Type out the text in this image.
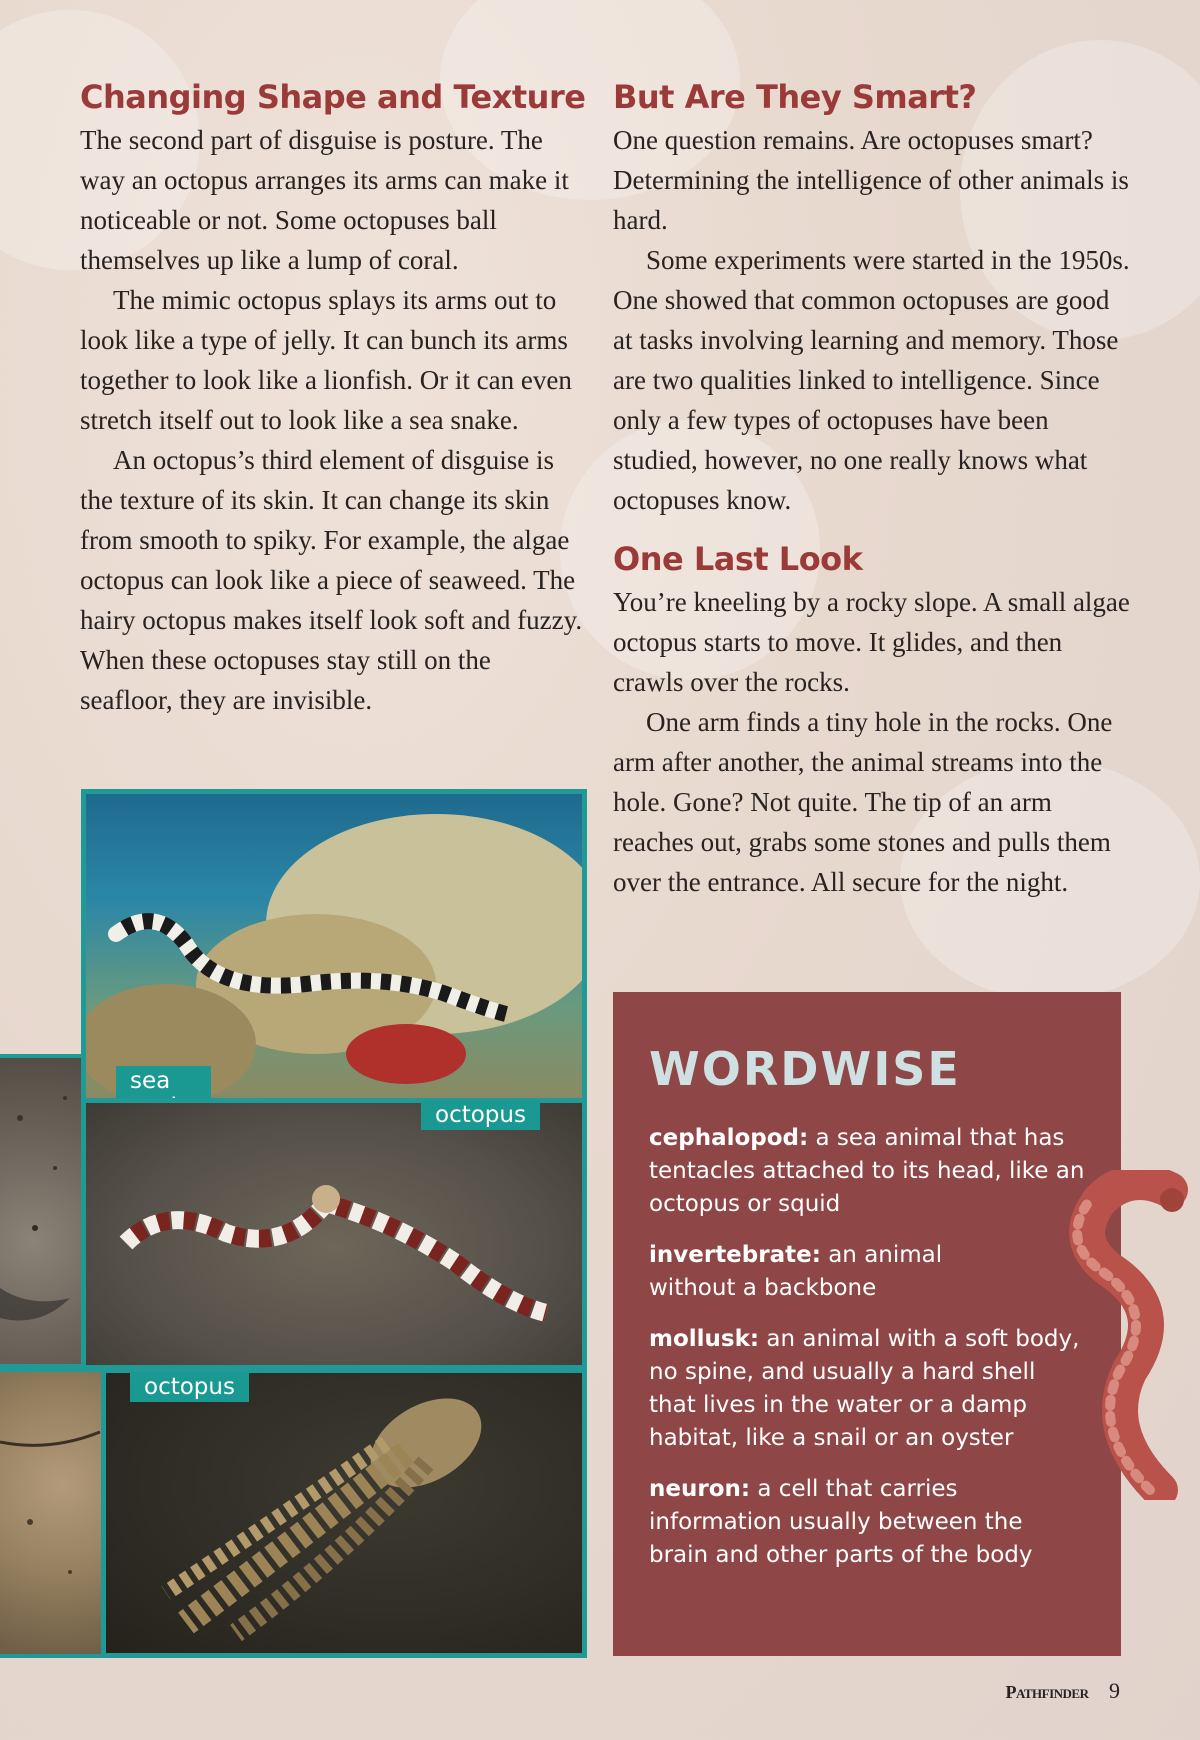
Changing Shape and Texture

The second part of disguise is posture. The way an octopus arranges its arms can make it noticeable or not. Some octopuses ball themselves up like a lump of coral.

The mimic octopus splays its arms out to look like a type of jelly. It can bunch its arms together to look like a lionfish. Or it can even stretch itself out to look like a sea snake.

An octopus’s third element of disguise is the texture of its skin. It can change its skin from smooth to spiky. For example, the algae octopus can look like a piece of seaweed. The hairy octopus makes itself look soft and fuzzy. When these octopuses stay still on the seafloor, they are invisible.

But Are They Smart?

One question remains. Are octopuses smart? Determining the intelligence of other animals is hard.

Some experiments were started in the 1950s. One showed that common octopuses are good at tasks involving learning and memory. Those are two qualities linked to intelligence. Since only a few types of octopuses have been studied, however, no one really knows what octopuses know.

One Last Look

You’re kneeling by a rocky slope. A small algae octopus starts to move. It glides, and then crawls over the rocks.

One arm finds a tiny hole in the rocks. One arm after another, the animal streams into the hole. Gone? Not quite. The tip of an arm reaches out, grabs some stones and pulls them over the entrance. All secure for the night.

sea
octopus
octopus
WORDWISE

cephalopod: a sea animal that has tentacles attached to its head, like an octopus or squid

invertebrate: an animal without a backbone

mollusk: an animal with a soft body, no spine, and usually a hard shell that lives in the water or a damp habitat, like a snail or an oyster

neuron: a cell that carries information usually between the brain and other parts of the body

Pathfinder 9
